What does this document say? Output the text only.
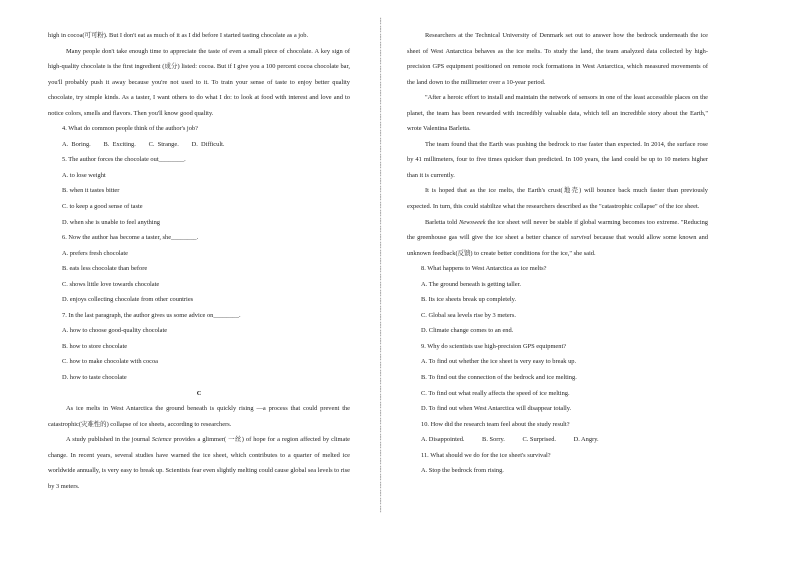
high in cocoa(可可粉). But I don't eat as much of it as I did before I started tasting chocolate as a job.

Many people don't take enough time to appreciate the taste of even a small piece of chocolate. A key sign of high-quality chocolate is the first ingredient (成分) listed: cocoa. But if I give you a 100 percent cocoa chocolate bar, you'll probably push it away because you're not used to it. To train your sense of taste to enjoy better quality chocolate, try simple kinds. As a taster, I want others to do what I do: to look at food with interest and love and to notice colors, smells and flavors. Then you'll know good quality.

4. What do common people think of the author's job?

A.  Boring.        B.  Exciting.        C.  Strange.        D.  Difficult.

5. The author forces the chocolate out________.

A. to lose weight

B. when it tastes bitter

C. to keep a good sense of taste

D. when she is unable to feel anything

6. Now the author has become a taster, she________.

A. prefers fresh chocolate

B. eats less chocolate than before

C. shows little love towards chocolate

D. enjoys collecting chocolate from other countries

7. In the last paragraph, the author gives us some advice on________.

A. how to choose good-quality chocolate

B. how to store chocolate

C. how to make chocolate with cocoa

D. how to taste chocolate

C

As ice melts in West Antarctica the ground beneath is quickly rising —a process that could prevent the catastrophic(灾难性的) collapse of ice sheets, according to researchers.

A study published in the journal Science provides a glimmer( 一丝) of hope for a region affected by climate change. In recent years, several studies have warned the ice sheet, which contributes to a quarter of melted ice worldwide annually, is very easy to break up. Scientists fear even slightly melting could cause global sea levels to rise by 3 meters.

┆
┆
┆
┆
┆
┆
┆
┆
┆
┆
┆
┆
┆
┆
┆
┆
┆
┆
┆
┆
┆
┆
┆
┆
┆
┆
┆
┆
┆
┆
┆
┆
┆
┆
┆
┆
┆
┆
┆
┆
┆
┆
┆
┆
┆
┆
┆
┆
┆
┆
┆
┆
┆
┆
┆
┆
┆
┆
┆
┆
┆
┆

Researchers at the Technical University of Denmark set out to answer how the bedrock underneath the ice sheet of West Antarctica behaves as the ice melts. To study the land, the team analyzed data collected by high-precision GPS equipment positioned on remote rock formations in West Antarctica, which measured movements of the land down to the millimeter over a 10-year period.

"After a heroic effort to install and maintain the network of sensors in one of the least accessible places on the planet, the team has been rewarded with incredibly valuable data, which tell an incredible story about the Earth," wrote Valentina Barletta.

The team found that the Earth was pushing the bedrock to rise faster than expected. In 2014, the surface rose by 41 millimeters, four to five times quicker than predicted. In 100 years, the land could be up to 10 meters higher than it is currently.

It is hoped that as the ice melts, the Earth's crust(地壳) will bounce back much faster than previously expected. In turn, this could stabilize what the researchers described as the "catastrophic collapse" of the ice sheet.

Barletta told Newsweek the ice sheet will never be stable if global warming becomes too extreme. "Reducing the greenhouse gas will give the ice sheet a better chance of survival because that would allow some known and unknown feedback(反馈) to create better conditions for the ice," she said.

8. What happens to West Antarctica as ice melts?

A. The ground beneath is getting taller.

B. Its ice sheets break up completely.

C. Global sea levels rise by 3 meters.

D. Climate change comes to an end.

9. Why do scientists use high-precision GPS equipment?

A. To find out whether the ice sheet is very easy to break up.

B. To find out the connection of the bedrock and ice melting.

C. To find out what really affects the speed of ice melting.

D. To find out when West Antarctica will disappear totally.

10. How did the research team feel about the study result?

A. Disappointed.           B. Sorry.           C. Surprised.           D. Angry.

11. What should we do for the ice sheet's survival?

A. Stop the bedrock from rising.
